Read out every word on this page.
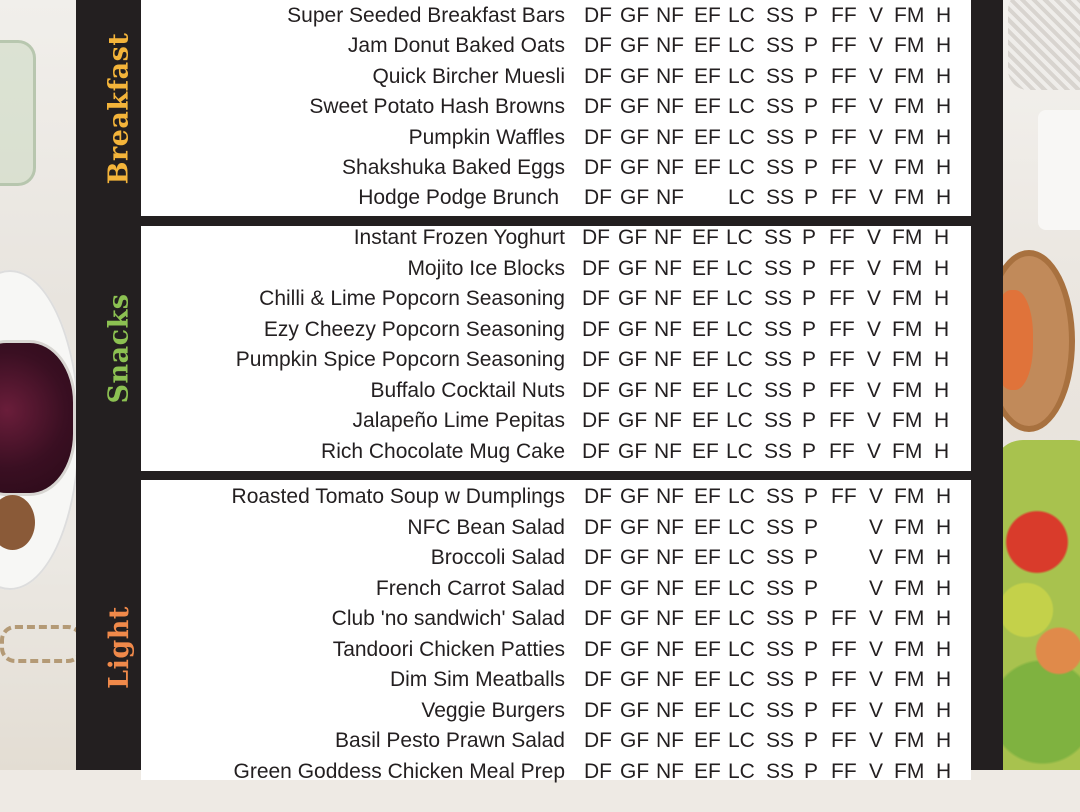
Breakfast
Snacks
Light
Super Seeded Breakfast Bars DF GF NF EF LC SS P FF V FM H
Jam Donut Baked Oats DF GF NF EF LC SS P FF V FM H
Quick Bircher Muesli DF GF NF EF LC SS P FF V FM H
Sweet Potato Hash Browns DF GF NF EF LC SS P FF V FM H
Pumpkin Waffles DF GF NF EF LC SS P FF V FM H
Shakshuka Baked Eggs DF GF NF EF LC SS P FF V FM H
Hodge Podge Brunch DF GF NF LC SS P FF V FM H
Instant Frozen Yoghurt DF GF NF EF LC SS P FF V FM H
Mojito Ice Blocks DF GF NF EF LC SS P FF V FM H
Chilli & Lime Popcorn Seasoning DF GF NF EF LC SS P FF V FM H
Ezy Cheezy Popcorn Seasoning DF GF NF EF LC SS P FF V FM H
Pumpkin Spice Popcorn Seasoning DF GF NF EF LC SS P FF V FM H
Buffalo Cocktail Nuts DF GF NF EF LC SS P FF V FM H
Jalapeño Lime Pepitas DF GF NF EF LC SS P FF V FM H
Rich Chocolate Mug Cake DF GF NF EF LC SS P FF V FM H
Roasted Tomato Soup w Dumplings DF GF NF EF LC SS P FF V FM H
NFC Bean Salad DF GF NF EF LC SS P V FM H
Broccoli Salad DF GF NF EF LC SS P V FM H
French Carrot Salad DF GF NF EF LC SS P V FM H
Club 'no sandwich' Salad DF GF NF EF LC SS P FF V FM H
Tandoori Chicken Patties DF GF NF EF LC SS P FF V FM H
Dim Sim Meatballs DF GF NF EF LC SS P FF V FM H
Veggie Burgers DF GF NF EF LC SS P FF V FM H
Basil Pesto Prawn Salad DF GF NF EF LC SS P FF V FM H
Green Goddess Chicken Meal Prep DF GF NF EF LC SS P FF V FM H
